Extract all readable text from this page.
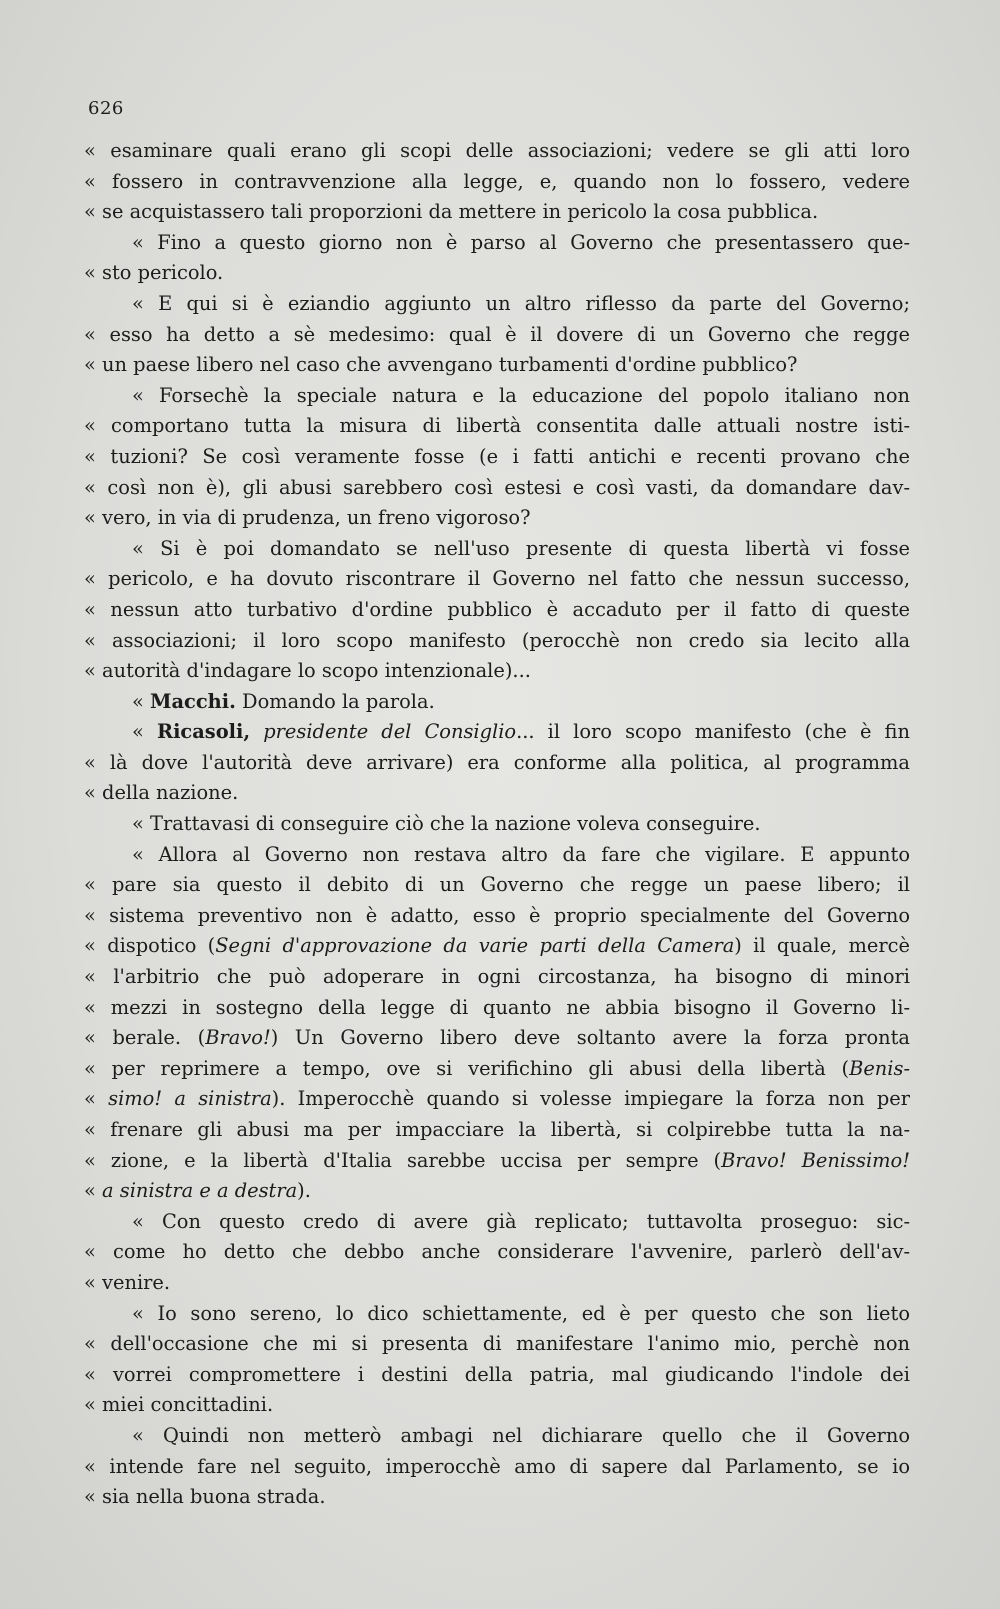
626
« esaminare quali erano gli scopi delle associazioni; vedere se gli atti loro
« fossero in contravvenzione alla legge, e, quando non lo fossero, vedere
« se acquistassero tali proporzioni da mettere in pericolo la cosa pubblica.
« Fino a questo giorno non è parso al Governo che presentassero que-
« sto pericolo.
« E qui si è eziandio aggiunto un altro riflesso da parte del Governo;
« esso ha detto a sè medesimo: qual è il dovere di un Governo che regge
« un paese libero nel caso che avvengano turbamenti d'ordine pubblico?
« Forsechè la speciale natura e la educazione del popolo italiano non
« comportano tutta la misura di libertà consentita dalle attuali nostre isti-
« tuzioni? Se così veramente fosse (e i fatti antichi e recenti provano che
« così non è), gli abusi sarebbero così estesi e così vasti, da domandare dav-
« vero, in via di prudenza, un freno vigoroso?
« Si è poi domandato se nell'uso presente di questa libertà vi fosse
« pericolo, e ha dovuto riscontrare il Governo nel fatto che nessun successo,
« nessun atto turbativo d'ordine pubblico è accaduto per il fatto di queste
« associazioni; il loro scopo manifesto (perocchè non credo sia lecito alla
« autorità d'indagare lo scopo intenzionale)...
« Macchi. Domando la parola.
« Ricasoli, presidente del Consiglio... il loro scopo manifesto (che è fin
« là dove l'autorità deve arrivare) era conforme alla politica, al programma
« della nazione.
« Trattavasi di conseguire ciò che la nazione voleva conseguire.
« Allora al Governo non restava altro da fare che vigilare. E appunto
« pare sia questo il debito di un Governo che regge un paese libero; il
« sistema preventivo non è adatto, esso è proprio specialmente del Governo
« dispotico (Segni d'approvazione da varie parti della Camera) il quale, mercè
« l'arbitrio che può adoperare in ogni circostanza, ha bisogno di minori
« mezzi in sostegno della legge di quanto ne abbia bisogno il Governo li-
« berale. (Bravo!) Un Governo libero deve soltanto avere la forza pronta
« per reprimere a tempo, ove si verifichino gli abusi della libertà (Benis-
« simo! a sinistra). Imperocchè quando si volesse impiegare la forza non per
« frenare gli abusi ma per impacciare la libertà, si colpirebbe tutta la na-
« zione, e la libertà d'Italia sarebbe uccisa per sempre (Bravo! Benissimo!
« a sinistra e a destra).
« Con questo credo di avere già replicato; tuttavolta proseguo: sic-
« come ho detto che debbo anche considerare l'avvenire, parlerò dell'av-
« venire.
« Io sono sereno, lo dico schiettamente, ed è per questo che son lieto
« dell'occasione che mi si presenta di manifestare l'animo mio, perchè non
« vorrei compromettere i destini della patria, mal giudicando l'indole dei
« miei concittadini.
« Quindi non metterò ambagi nel dichiarare quello che il Governo
« intende fare nel seguito, imperocchè amo di sapere dal Parlamento, se io
« sia nella buona strada.
